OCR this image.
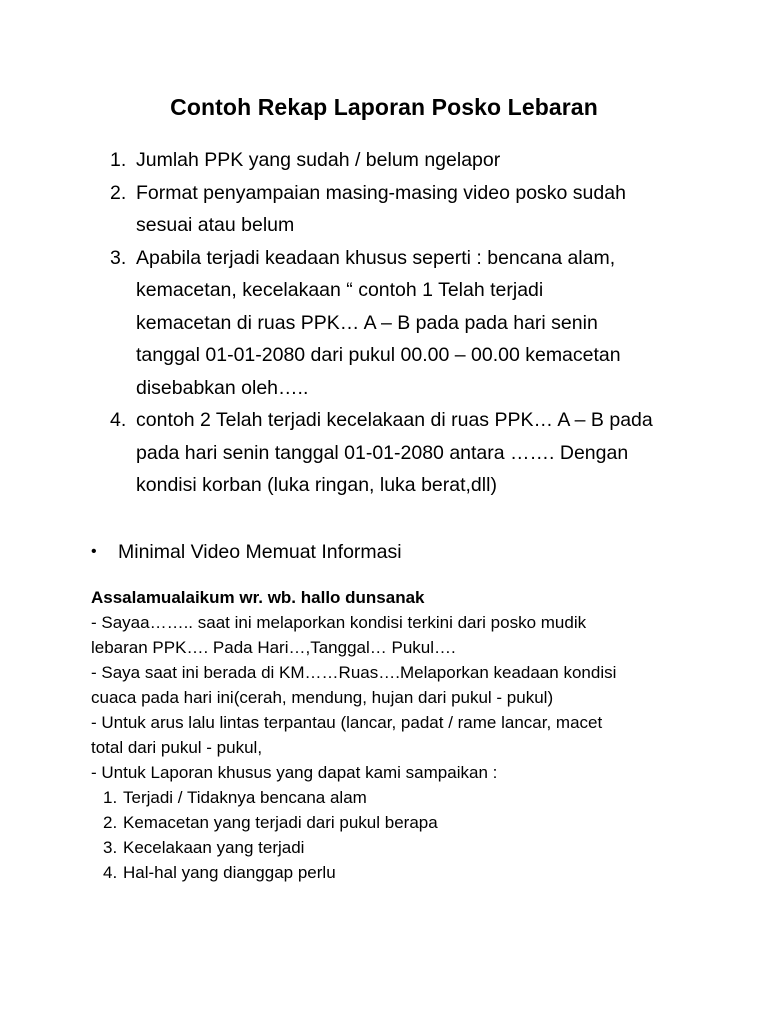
Contoh Rekap Laporan Posko Lebaran
1. Jumlah PPK yang sudah / belum ngelapor
2. Format penyampaian masing-masing video posko sudah
sesuai atau belum
3. Apabila terjadi keadaan khusus seperti : bencana alam,
kemacetan, kecelakaan “ contoh 1 Telah terjadi
kemacetan di ruas PPK… A – B pada pada hari senin
tanggal 01-01-2080 dari pukul 00.00 – 00.00 kemacetan
disebabkan oleh…..
4. contoh 2 Telah terjadi kecelakaan di ruas PPK… A – B pada
pada hari senin tanggal 01-01-2080 antara ……. Dengan
kondisi korban (luka ringan, luka berat,dll)
• Minimal Video Memuat Informasi
Assalamualaikum wr. wb. hallo dunsanak
- Sayaa…….. saat ini melaporkan kondisi terkini dari posko mudik
lebaran PPK…. Pada Hari…,Tanggal… Pukul….
- Saya saat ini berada di KM……Ruas….Melaporkan keadaan kondisi
cuaca pada hari ini(cerah, mendung, hujan dari pukul - pukul)
- Untuk arus lalu lintas terpantau (lancar, padat / rame lancar, macet
total dari pukul - pukul,
- Untuk Laporan khusus yang dapat kami sampaikan :
1. Terjadi / Tidaknya bencana alam
2. Kemacetan yang terjadi dari pukul berapa
3. Kecelakaan yang terjadi
4. Hal-hal yang dianggap perlu
